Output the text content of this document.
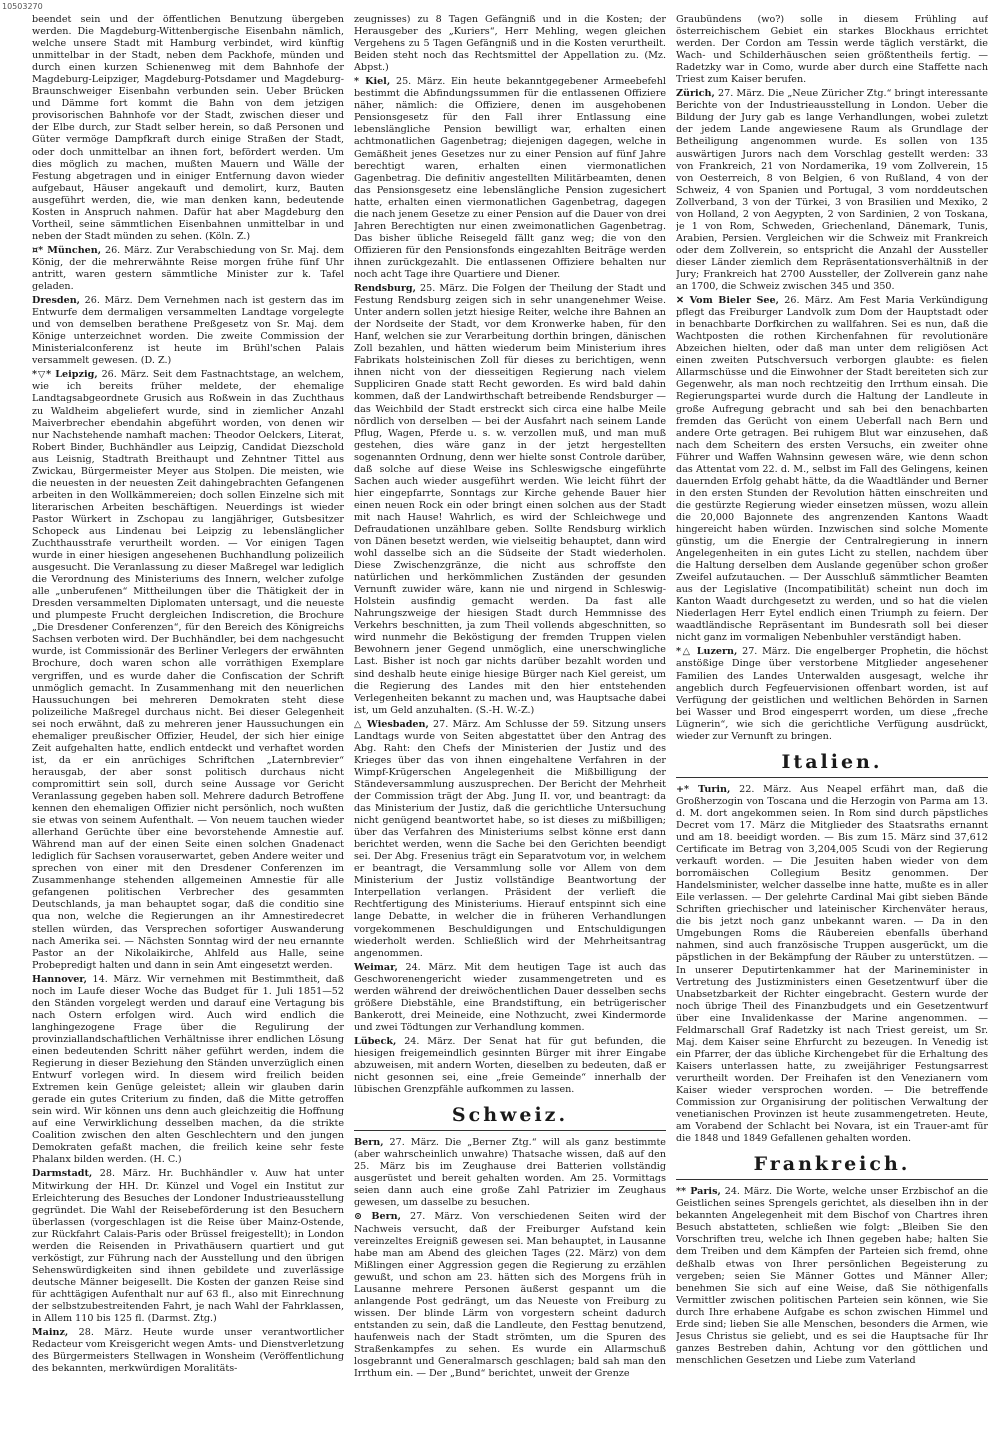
10503270

beendet sein und der öffentlichen Benutzung übergeben werden. Die Magdeburg-Wittenbergische Eisenbahn nämlich, welche unsere Stadt mit Hamburg verbindet, wird künftig unmittelbar in der Stadt, neben dem Packhofe, münden und durch einen kurzen Schienenweg mit dem Bahnhofe der Magdeburg-Leipziger, Magdeburg-Potsdamer und Magdeburg-Braunschweiger Eisenbahn verbunden sein. Ueber Brücken und Dämme fort kommt die Bahn von dem jetzigen provisorischen Bahnhofe vor der Stadt, zwischen dieser und der Elbe durch, zur Stadt selber herein, so daß Personen und Güter vermöge Dampfkraft durch einige Straßen der Stadt, oder doch unmittelbar an ihnen fort, befördert werden. Um dies möglich zu machen, mußten Mauern und Wälle der Festung abgetragen und in einiger Entfernung davon wieder aufgebaut, Häuser angekauft und demolirt, kurz, Bauten ausgeführt werden, die, wie man denken kann, bedeutende Kosten in Anspruch nahmen. Dafür hat aber Magdeburg den Vortheil, seine sämmtlichen Eisenbahnen unmittelbar in und neben der Stadt münden zu sehen. (Köln. Z.)

¤* München, 26. März. Zur Verabschiedung von Sr. Maj. dem König, der die mehrerwähnte Reise morgen frühe fünf Uhr antritt, waren gestern sämmtliche Minister zur k. Tafel geladen.

Dresden, 26. März. Dem Vernehmen nach ist gestern das im Entwurfe dem dermaligen versammelten Landtage vorgelegte und von demselben berathene Preßgesetz von Sr. Maj. dem Könige unterzeichnet worden. Die zweite Commission der Ministerialconferenz ist heute im Brühl'schen Palais versammelt gewesen. (D. Z.)

*▽* Leipzig, 26. März. Seit dem Fastnachtstage, an welchem, wie ich bereits früher meldete, der ehemalige Landtagsabgeordnete Grusich aus Roßwein in das Zuchthaus zu Waldheim abgeliefert wurde, sind in ziemlicher Anzahl Maiverbrecher ebendahin abgeführt worden, von denen wir nur Nachstehende namhaft machen: Theodor Oelckers, Literat, Robert Binder, Buchhändler aus Leipzig, Candidat Diezschold aus Leisnig, Stadtrath Breithaupt und Zehntner Tittel aus Zwickau, Bürgermeister Meyer aus Stolpen. Die meisten, wie die neuesten in der neuesten Zeit dahingebrachten Gefangenen arbeiten in den Wollkämmereien; doch sollen Einzelne sich mit literarischen Arbeiten beschäftigen. Neuerdings ist wieder Pastor Würkert in Zschopau zu langjähriger, Gutsbesitzer Schopeck aus Lindenau bei Leipzig zu lebenslänglicher Zuchthausstrafe verurtheilt worden. — Vor einigen Tagen wurde in einer hiesigen angesehenen Buchhandlung polizeilich ausgesucht. Die Veranlassung zu dieser Maßregel war lediglich die Verordnung des Ministeriums des Innern, welcher zufolge alle „unberufenen“ Mittheilungen über die Thätigkeit der in Dresden versammelten Diplomaten untersagt, und die neueste und plumpeste Frucht dergleichen Indiscretion, die Brochure „Die Dresdener Conferenzen“, für den Bereich des Königreichs Sachsen verboten wird. Der Buchhändler, bei dem nachgesucht wurde, ist Commissionär des Berliner Verlegers der erwähnten Brochure, doch waren schon alle vorräthigen Exemplare vergriffen, und es wurde daher die Confiscation der Schrift unmöglich gemacht. In Zusammenhang mit den neuerlichen Haussuchungen bei mehreren Demokraten steht diese polizeiliche Maßregel durchaus nicht. Bei dieser Gelegenheit sei noch erwähnt, daß zu mehreren jener Haussuchungen ein ehemaliger preußischer Offizier, Heudel, der sich hier einige Zeit aufgehalten hatte, endlich entdeckt und verhaftet worden ist, da er ein anrüchiges Schriftchen „Laternbrevier“ herausgab, der aber sonst politisch durchaus nicht compromittirt sein soll, durch seine Aussage vor Gericht Veranlassung gegeben haben soll. Mehrere dadurch Betroffene kennen den ehemaligen Offizier nicht persönlich, noch wußten sie etwas von seinem Aufenthalt. — Von neuem tauchen wieder allerhand Gerüchte über eine bevorstehende Amnestie auf. Während man auf der einen Seite einen solchen Gnadenact lediglich für Sachsen vorauserwartet, geben Andere weiter und sprechen von einer mit den Dresdener Conferenzen im Zusammenhange stehenden allgemeinen Amnestie für alle gefangenen politischen Verbrecher des gesammten Deutschlands, ja man behauptet sogar, daß die conditio sine qua non, welche die Regierungen an ihr Amnestiredecret stellen würden, das Versprechen sofortiger Auswanderung nach Amerika sei. — Nächsten Sonntag wird der neu ernannte Pastor an der Nikolaikirche, Ahlfeld aus Halle, seine Probepredigt halten und dann in sein Amt eingesetzt werden.

Hannover, 14. März. Wir vernehmen mit Bestimmtheit, daß noch im Laufe dieser Woche das Budget für 1. Juli 1851—52 den Ständen vorgelegt werden und darauf eine Vertagung bis nach Ostern erfolgen wird. Auch wird endlich die langhingezogene Frage über die Regulirung der provinziallandschaftlichen Verhältnisse ihrer endlichen Lösung einen bedeutenden Schritt näher geführt werden, indem die Regierung in dieser Beziehung den Ständen unverzüglich einen Entwurf vorlegen wird. In diesem wird freilich beiden Extremen kein Genüge geleistet; allein wir glauben darin gerade ein gutes Criterium zu finden, daß die Mitte getroffen sein wird. Wir können uns denn auch gleichzeitig die Hoffnung auf eine Verwirklichung desselben machen, da die strikte Coalition zwischen den alten Geschlechtern und den jungen Demokraten gefaßt machen, die freilich keine sehr feste Phalanx bilden werden. (H. C.)

Darmstadt, 28. März. Hr. Buchhändler v. Auw hat unter Mitwirkung der HH. Dr. Künzel und Vogel ein Institut zur Erleichterung des Besuches der Londoner Industrieausstellung gegründet. Die Wahl der Reisebeförderung ist den Besuchern überlassen (vorgeschlagen ist die Reise über Mainz-Ostende, zur Rückfahrt Calais-Paris oder Brüssel freigestellt); in London werden die Reisenden in Privathäusern quartiert und gut verköstigt, zur Führung nach der Ausstellung und den übrigen Sehenswürdigkeiten sind ihnen gebildete und zuverlässige deutsche Männer beigesellt. Die Kosten der ganzen Reise sind für achttägigen Aufenthalt nur auf 63 fl., also mit Einrechnung der selbstzubestreitenden Fahrt, je nach Wahl der Fahrklassen, in Allem 110 bis 125 fl. (Darmst. Ztg.)

Mainz, 28. März. Heute wurde unser verantwortlicher Redacteur vom Kreisgericht wegen Amts- und Dienstverletzung des Bürgermeisters Stellwagen in Wonsheim (Veröffentlichung des bekannten, merkwürdigen Moralitäts-

zeugnisses) zu 8 Tagen Gefängniß und in die Kosten; der Herausgeber des „Kuriers“, Herr Mehling, wegen gleichen Vergehens zu 5 Tagen Gefängniß und in die Kosten verurtheilt. Beiden steht noch das Rechtsmittel der Appellation zu. (Mz. Abpst.)

* Kiel, 25. März. Ein heute bekanntgegebener Armeebefehl bestimmt die Abfindungssummen für die entlassenen Offiziere näher, nämlich: die Offiziere, denen im ausgehobenen Pensionsgesetz für den Fall ihrer Entlassung eine lebenslängliche Pension bewilligt war, erhalten einen achtmonatlichen Gagenbetrag; diejenigen dagegen, welche in Gemäßheit jenes Gesetzes nur zu einer Pension auf fünf Jahre berechtigt waren, erhalten einen viermonatlichen Gagenbetrag. Die definitiv angestellten Militärbeamten, denen das Pensionsgesetz eine lebenslängliche Pension zugesichert hatte, erhalten einen viermonatlichen Gagenbetrag, dagegen die nach jenem Gesetze zu einer Pension auf die Dauer von drei Jahren Berechtigten nur einen zweimonatlichen Gagenbetrag. Das bisher übliche Reisegeld fällt ganz weg; die von den Offizieren für den Pensionsfonds eingezahlten Beiträge werden ihnen zurückgezahlt. Die entlassenen Offiziere behalten nur noch acht Tage ihre Quartiere und Diener.

Rendsburg, 25. März. Die Folgen der Theilung der Stadt und Festung Rendsburg zeigen sich in sehr unangenehmer Weise. Unter andern sollen jetzt hiesige Reiter, welche ihre Bahnen an der Nordseite der Stadt, vor dem Kronwerke haben, für den Hanf, welchen sie zur Verarbeitung dorthin bringen, dänischen Zoll bezahlen, und hätten wiederum beim Ministerium ihres Fabrikats holsteinischen Zoll für dieses zu berichtigen, wenn ihnen nicht von der diesseitigen Regierung nach vielem Suppliciren Gnade statt Recht geworden. Es wird bald dahin kommen, daß der Landwirthschaft betreibende Rendsburger — das Weichbild der Stadt erstreckt sich circa eine halbe Meile nördlich von derselben — bei der Ausfahrt nach seinem Lande Pflug, Wagen, Pferde u. s. w. verzollen muß, und man muß gestehen, dies wäre ganz in der jetzt hergestellten sogenannten Ordnung, denn wer hielte sonst Controle darüber, daß solche auf diese Weise ins Schleswigsche eingeführte Sachen auch wieder ausgeführt werden. Wie leicht führt der hier eingepfarrte, Sonntags zur Kirche gehende Bauer hier einen neuen Rock ein oder bringt einen solchen aus der Stadt mit nach Hause! Wahrlich, es wird der Schleichwege und Defraudationen unzählbare geben. Sollte Rendsburg wirklich von Dänen besetzt werden, wie vielseitig behauptet, dann wird wohl dasselbe sich an die Südseite der Stadt wiederholen. Diese Zwischenzgränze, die nicht aus schroffste den natürlichen und herkömmlichen Zuständen der gesunden Vernunft zuwider wäre, kann nie und nirgend in Schleswig-Holstein ausfindig gemacht werden. Da fast alle Nahrungszweige der hiesigen Stadt durch Hemmnisse des Verkehrs beschnitten, ja zum Theil vollends abgeschnitten, so wird nunmehr die Beköstigung der fremden Truppen vielen Bewohnern jener Gegend unmöglich, eine unerschwingliche Last. Bisher ist noch gar nichts darüber bezahlt worden und sind deshalb heute einige hiesige Bürger nach Kiel gereist, um die Regierung des Landes mit den hier entstehenden Verlegenheiten bekannt zu machen und, was Hauptsache dabei ist, um Geld anzuhalten. (S.-H. W.-Z.)

△ Wiesbaden, 27. März. Am Schlusse der 59. Sitzung unsers Landtags wurde von Seiten abgestattet über den Antrag des Abg. Raht: den Chefs der Ministerien der Justiz und des Krieges über das von ihnen eingehaltene Verfahren in der Wimpf-Krügerschen Angelegenheit die Mißbilligung der Ständeversammlung auszusprechen. Der Bericht der Mehrheit der Commission trägt der Abg. Jung II. vor, und beantragt: da das Ministerium der Justiz, daß die gerichtliche Untersuchung nicht genügend beantwortet habe, so ist dieses zu mißbilligen; über das Verfahren des Ministeriums selbst könne erst dann berichtet werden, wenn die Sache bei den Gerichten beendigt sei. Der Abg. Fresenius trägt ein Separatvotum vor, in welchem er beantragt, die Versammlung solle vor Allem von dem Ministerium der Justiz vollständige Beantwortung der Interpellation verlangen. Präsident der verlieft die Rechtfertigung des Ministeriums. Hierauf entspinnt sich eine lange Debatte, in welcher die in früheren Verhandlungen vorgekommenen Beschuldigungen und Entschuldigungen wiederholt werden. Schließlich wird der Mehrheitsantrag angenommen.

Weimar, 24. März. Mit dem heutigen Tage ist auch das Geschworenengericht wieder zusammengetreten und es werden während der dreiwöchentlichen Dauer desselben sechs größere Diebstähle, eine Brandstiftung, ein betrügerischer Bankerott, drei Meineide, eine Nothzucht, zwei Kindermorde und zwei Tödtungen zur Verhandlung kommen.

Lübeck, 24. März. Der Senat hat für gut befunden, die hiesigen freigemeindlich gesinnten Bürger mit ihrer Eingabe abzuweisen, mit andern Worten, dieselben zu bedeuten, daß er nicht gesonnen sei, eine „freie Gemeinde“ innerhalb der lübischen Grenzpfähle aufkommen zu lassen.

Schweiz.

Bern, 27. März. Die „Berner Ztg.“ will als ganz bestimmte (aber wahrscheinlich unwahre) Thatsache wissen, daß auf den 25. März bis im Zeughause drei Batterien vollständig ausgerüstet und bereit gehalten worden. Am 25. Vormittags seien dann auch eine große Zahl Patrizier im Zeughaus gewesen, um dasselbe zu besuchen.

⊙ Bern, 27. März. Von verschiedenen Seiten wird der Nachweis versucht, daß der Freiburger Aufstand kein vereinzeltes Ereigniß gewesen sei. Man behauptet, in Lausanne habe man am Abend des gleichen Tages (22. März) von dem Mißlingen einer Aggression gegen die Regierung zu erzählen gewußt, und schon am 23. hätten sich des Morgens früh in Lausanne mehrere Personen äußerst gespannt um die anlangende Post gedrängt, um das Neueste von Freiburg zu wissen. Der blinde Lärm von vorgestern scheint dadurch entstanden zu sein, daß die Landleute, den Festtag benutzend, haufenweis nach der Stadt strömten, um die Spuren des Straßenkampfes zu sehen. Es wurde ein Allarmschuß losgebrannt und Generalmarsch geschlagen; bald sah man den Irrthum ein. — Der „Bund“ berichtet, unweit der Grenze

Graubündens (wo?) solle in diesem Frühling auf österreichischem Gebiet ein starkes Blockhaus errichtet werden. Der Cordon am Tessin werde täglich verstärkt, die Wach- und Schilderhäuschen seien größtentheils fertig. — Radetzky war in Como, wurde aber durch eine Staffette nach Triest zum Kaiser berufen.

Zürich, 27. März. Die „Neue Züricher Ztg.“ bringt interessante Berichte von der Industrieausstellung in London. Ueber die Bildung der Jury gab es lange Verhandlungen, wobei zuletzt der jedem Lande angewiesene Raum als Grundlage der Betheiligung angenommen wurde. Es sollen von 135 auswärtigen Jurors nach dem Vorschlag gestellt werden: 33 von Frankreich, 21 von Nordamerika, 19 vom Zollverein, 15 von Oesterreich, 8 von Belgien, 6 von Rußland, 4 von der Schweiz, 4 von Spanien und Portugal, 3 vom norddeutschen Zollverband, 3 von der Türkei, 3 von Brasilien und Mexiko, 2 von Holland, 2 von Aegypten, 2 von Sardinien, 2 von Toskana, je 1 von Rom, Schweden, Griechenland, Dänemark, Tunis, Arabien, Persien. Vergleichen wir die Schweiz mit Frankreich oder dem Zollverein, so entspricht die Anzahl der Aussteller dieser Länder ziemlich dem Repräsentationsverhältniß in der Jury; Frankreich hat 2700 Aussteller, der Zollverein ganz nahe an 1700, die Schweiz zwischen 345 und 350.

✕ Vom Bieler See, 26. März. Am Fest Maria Verkündigung pflegt das Freiburger Landvolk zum Dom der Hauptstadt oder in benachbarte Dorfkirchen zu wallfahren. Sei es nun, daß die Wachtposten die rothen Kirchenfahnen für revolutionäre Abzeichen hielten, oder daß man unter dem religiösen Act einen zweiten Putschversuch verborgen glaubte: es fielen Allarmschüsse und die Einwohner der Stadt bereiteten sich zur Gegenwehr, als man noch rechtzeitig den Irrthum einsah. Die Regierungspartei wurde durch die Haltung der Landleute in große Aufregung gebracht und sah bei den benachbarten fremden das Gerücht von einem Ueberfall nach Bern und andere Orte getragen. Bei ruhigem Blut war einzusehen, daß nach dem Scheitern des ersten Versuchs, ein zweiter ohne Führer und Waffen Wahnsinn gewesen wäre, wie denn schon das Attentat vom 22. d. M., selbst im Fall des Gelingens, keinen dauernden Erfolg gehabt hätte, da die Waadtländer und Berner in den ersten Stunden der Revolution hätten einschreiten und die gestürzte Regierung wieder einsetzen müssen, wozu allein die 20,000 Bajonnete des angrenzenden Kantons Waadt hingereicht haben würden. Inzwischen sind solche Momente günstig, um die Energie der Centralregierung in innern Angelegenheiten in ein gutes Licht zu stellen, nachdem über die Haltung derselben dem Auslande gegenüber schon großer Zweifel aufzutauchen. — Der Ausschluß sämmtlicher Beamten aus der Legislative (Incompatibilität) scheint nun doch im Kanton Waadt durchgesetzt zu werden, und so hat die vielen Niederlagen Herr Eytel endlich einen Triumph zu feiern. Der waadtländische Repräsentant im Bundesrath soll bei dieser nicht ganz im vormaligen Nebenbuhler verständigt haben.

*△ Luzern, 27. März. Die engelberger Prophetin, die höchst anstößige Dinge über verstorbene Mitglieder angesehener Familien des Landes Unterwalden ausgesagt, welche ihr angeblich durch Fegfeuervisionen offenbart worden, ist auf Verfügung der geistlichen und weltlichen Behörden in Sarnen bei Wasser und Brod eingesperrt worden, um diese „freche Lügnerin“, wie sich die gerichtliche Verfügung ausdrückt, wieder zur Vernunft zu bringen.

Italien.

+* Turin, 22. März. Aus Neapel erfährt man, daß die Großherzogin von Toscana und die Herzogin von Parma am 13. d. M. dort angekommen seien. In Rom sind durch päpstliches Decret vom 17. März die Mitglieder des Staatsraths ernannt und am 18. beeidigt worden. — Bis zum 15. März sind 37,612 Certificate im Betrag von 3,204,005 Scudi von der Regierung verkauft worden. — Die Jesuiten haben wieder von dem borromäischen Collegium Besitz genommen. Der Handelsminister, welcher dasselbe inne hatte, mußte es in aller Eile verlassen. — Der gelehrte Cardinal Mai gibt sieben Bände Schriften griechischer und lateinischer Kirchenväter heraus, die bis jetzt noch ganz unbekannt waren. — Da in den Umgebungen Roms die Räubereien ebenfalls überhand nahmen, sind auch französische Truppen ausgerückt, um die päpstlichen in der Bekämpfung der Räuber zu unterstützen. — In unserer Deputirtenkammer hat der Marineminister in Vertretung des Justizministers einen Gesetzentwurf über die Unabsetzbarkeit der Richter eingebracht. Gestern wurde der noch übrige Theil des Finanzbudgets und ein Gesetzentwurf über eine Invalidenkasse der Marine angenommen. — Feldmarschall Graf Radetzky ist nach Triest gereist, um Sr. Maj. dem Kaiser seine Ehrfurcht zu bezeugen. In Venedig ist ein Pfarrer, der das übliche Kirchengebet für die Erhaltung des Kaisers unterlassen hatte, zu zweijähriger Festungsarrest verurtheilt worden. Der Freihafen ist den Venezianern vom Kaiser wieder versprochen worden. — Die betreffende Commission zur Organisirung der politischen Verwaltung der venetianischen Provinzen ist heute zusammengetreten. Heute, am Vorabend der Schlacht bei Novara, ist ein Trauer-amt für die 1848 und 1849 Gefallenen gehalten worden.

Frankreich.

** Paris, 24. März. Die Worte, welche unser Erzbischof an die Geistlichen seines Sprengels gerichtet, als dieselben ihn in der bekannten Angelegenheit mit dem Bischof von Chartres ihren Besuch abstatteten, schließen wie folgt: „Bleiben Sie den Vorschriften treu, welche ich Ihnen gegeben habe; halten Sie dem Treiben und dem Kämpfen der Parteien sich fremd, ohne deßhalb etwas von Ihrer persönlichen Begeisterung zu vergeben; seien Sie Männer Gottes und Männer Aller; benehmen Sie sich auf eine Weise, daß Sie nöthigenfalls Vermittler zwischen politischen Parteien sein können, wie Sie durch Ihre erhabene Aufgabe es schon zwischen Himmel und Erde sind; lieben Sie alle Menschen, besonders die Armen, wie Jesus Christus sie geliebt, und es sei die Hauptsache für Ihr ganzes Bestreben dahin, Achtung vor den göttlichen und menschlichen Gesetzen und Liebe zum Vaterland
